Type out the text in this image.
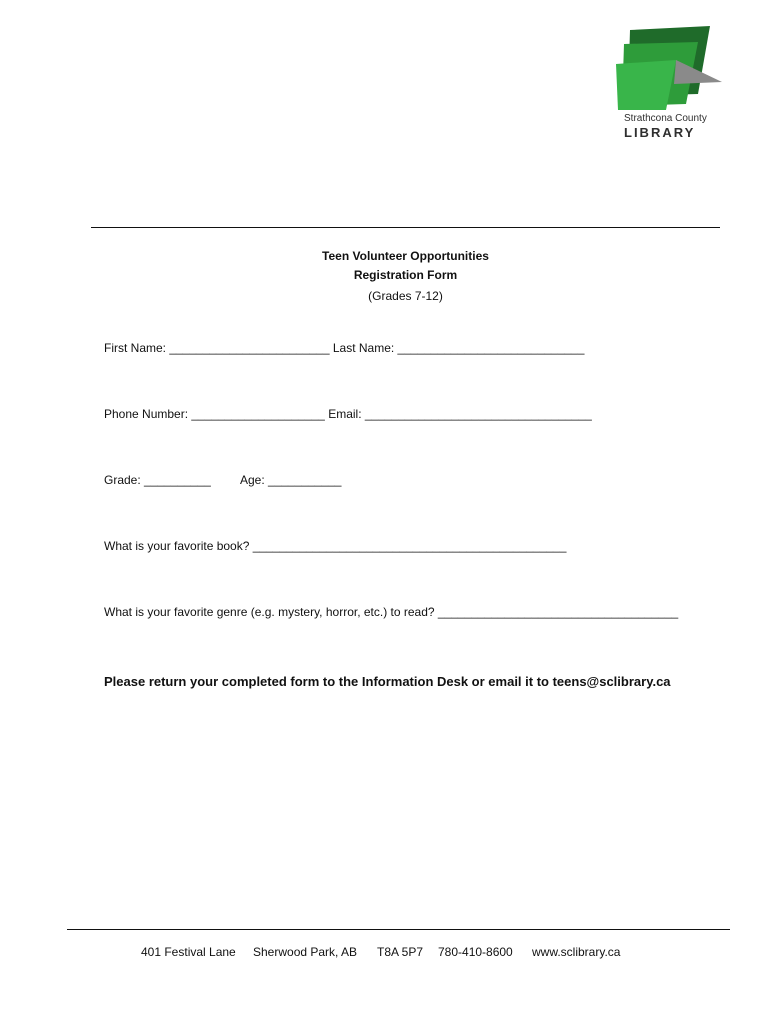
Strathcona County
LIBRARY
Teen Volunteer Opportunities
Registration Form
(Grades 7-12)
First Name: ________________________ Last Name: ____________________________
Phone Number: ____________________ Email: __________________________________
Grade: __________ Age: ___________
What is your favorite book? _______________________________________________
What is your favorite genre (e.g. mystery, horror, etc.) to read? ____________________________________
Please return your completed form to the Information Desk or email it to teens@sclibrary.ca
401 Festival Lane Sherwood Park, AB T8A 5P7 780-410-8600 www.sclibrary.ca
